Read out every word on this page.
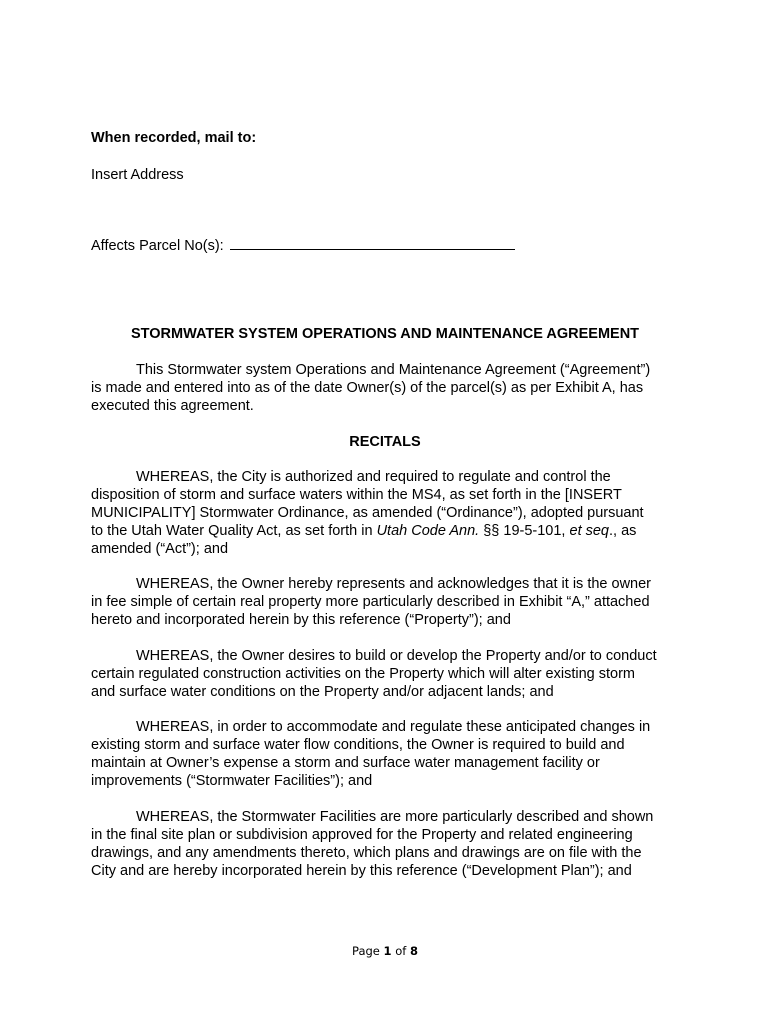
When recorded, mail to:
Insert Address
Affects Parcel No(s):
STORMWATER SYSTEM OPERATIONS AND MAINTENANCE AGREEMENT
This Stormwater system Operations and Maintenance Agreement (“Agreement”)
is made and entered into as of the date Owner(s) of the parcel(s) as per Exhibit A, has
executed this agreement.
RECITALS
WHEREAS, the City is authorized and required to regulate and control the
disposition of storm and surface waters within the MS4, as set forth in the [INSERT
MUNICIPALITY] Stormwater Ordinance, as amended (“Ordinance”), adopted pursuant
to the Utah Water Quality Act, as set forth in Utah Code Ann. §§ 19-5-101, et seq., as
amended (“Act”); and
WHEREAS, the Owner hereby represents and acknowledges that it is the owner
in fee simple of certain real property more particularly described in Exhibit “A,” attached
hereto and incorporated herein by this reference (“Property”); and
WHEREAS, the Owner desires to build or develop the Property and/or to conduct
certain regulated construction activities on the Property which will alter existing storm
and surface water conditions on the Property and/or adjacent lands; and
WHEREAS, in order to accommodate and regulate these anticipated changes in
existing storm and surface water flow conditions, the Owner is required to build and
maintain at Owner’s expense a storm and surface water management facility or
improvements (“Stormwater Facilities”); and
WHEREAS, the Stormwater Facilities are more particularly described and shown
in the final site plan or subdivision approved for the Property and related engineering
drawings, and any amendments thereto, which plans and drawings are on file with the
City and are hereby incorporated herein by this reference (“Development Plan”); and
Page 1 of 8
